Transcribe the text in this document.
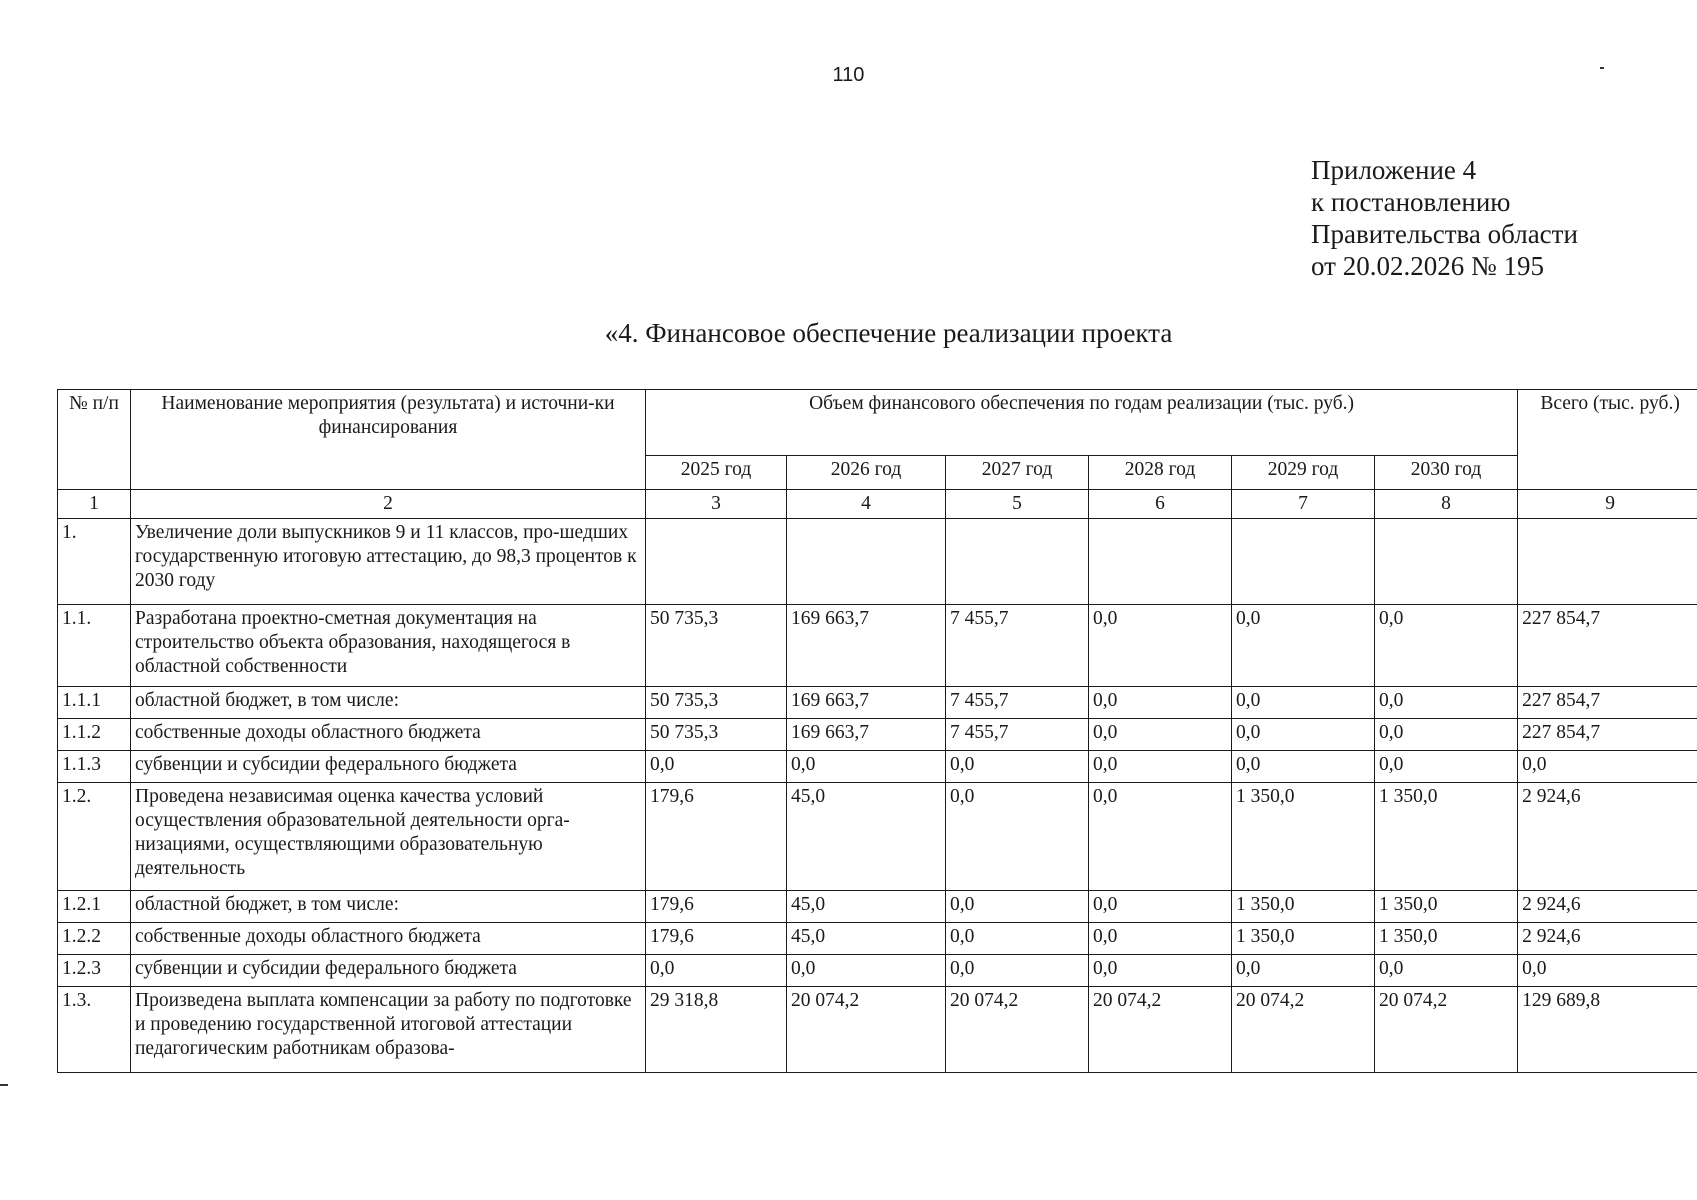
110
Приложение 4
к постановлению
Правительства области
от 20.02.2026 № 195
«4. Финансовое обеспечение реализации проекта
№ п/п	Наименование мероприятия (результата) и источни-ки финансирования	Объем финансового обеспечения по годам реализации (тыс. руб.)						Всего (тыс. руб.)
		2025 год	2026 год	2027 год	2028 год	2029 год	2030 год	
1	2	3	4	5	6	7	8	9
1.	Увеличение доли выпускников 9 и 11 классов, про-шедших государственную итоговую аттестацию, до 98,3 процентов к 2030 году							
1.1.	Разработана проектно-сметная документация на строительство объекта образования, находящегося в областной собственности	50 735,3	169 663,7	7 455,7	0,0	0,0	0,0	227 854,7
1.1.1	областной бюджет, в том числе:	50 735,3	169 663,7	7 455,7	0,0	0,0	0,0	227 854,7
1.1.2	собственные доходы областного бюджета	50 735,3	169 663,7	7 455,7	0,0	0,0	0,0	227 854,7
1.1.3	субвенции и субсидии федерального бюджета	0,0	0,0	0,0	0,0	0,0	0,0	0,0
1.2.	Проведена независимая оценка качества условий осуществления образовательной деятельности орга-низациями, осуществляющими образовательную деятельность	179,6	45,0	0,0	0,0	1 350,0	1 350,0	2 924,6
1.2.1	областной бюджет, в том числе:	179,6	45,0	0,0	0,0	1 350,0	1 350,0	2 924,6
1.2.2	собственные доходы областного бюджета	179,6	45,0	0,0	0,0	1 350,0	1 350,0	2 924,6
1.2.3	субвенции и субсидии федерального бюджета	0,0	0,0	0,0	0,0	0,0	0,0	0,0
1.3.	Произведена выплата компенсации за работу по подготовке и проведению государственной итоговой аттестации педагогическим работникам образова-	29 318,8	20 074,2	20 074,2	20 074,2	20 074,2	20 074,2	129 689,8
